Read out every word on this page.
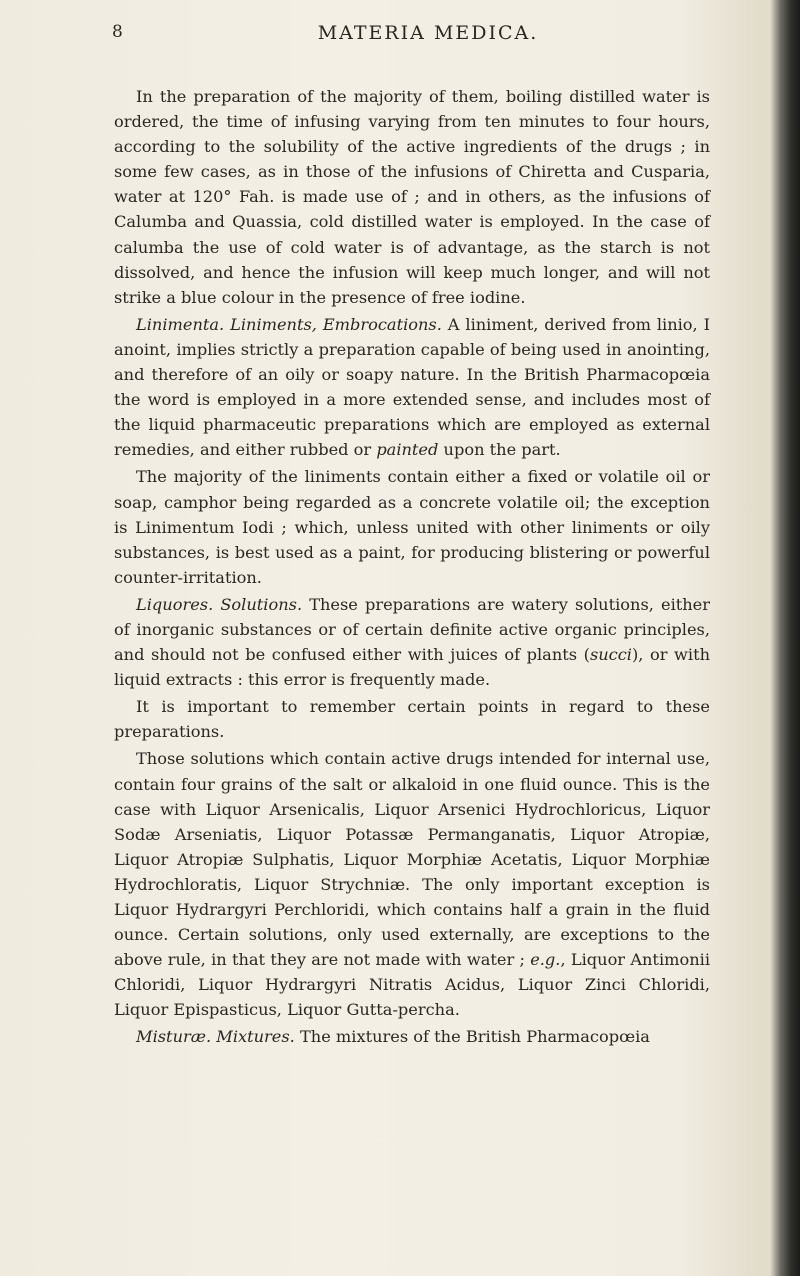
8	MATERIA MEDICA.

In the preparation of the majority of them, boiling distilled water is ordered, the time of infusing varying from ten minutes to four hours, according to the solubility of the active ingredients of the drugs ; in some few cases, as in those of the infusions of Chiretta and Cusparia, water at 120° Fah. is made use of ; and in others, as the infusions of Calumba and Quassia, cold distilled water is employed. In the case of calumba the use of cold water is of advantage, as the starch is not dissolved, and hence the infusion will keep much longer, and will not strike a blue colour in the presence of free iodine.

Linimenta. Liniments, Embrocations. A liniment, derived from linio, I anoint, implies strictly a preparation capable of being used in anointing, and therefore of an oily or soapy nature. In the British Pharmacopœia the word is employed in a more extended sense, and includes most of the liquid pharmaceutic preparations which are employed as external remedies, and either rubbed or painted upon the part.

The majority of the liniments contain either a fixed or volatile oil or soap, camphor being regarded as a concrete volatile oil; the exception is Linimentum Iodi ; which, unless united with other liniments or oily substances, is best used as a paint, for producing blistering or powerful counter-irritation.

Liquores. Solutions. These preparations are watery solutions, either of inorganic substances or of certain definite active organic principles, and should not be confused either with juices of plants (succi), or with liquid extracts : this error is frequently made.

It is important to remember certain points in regard to these preparations.

Those solutions which contain active drugs intended for internal use, contain four grains of the salt or alkaloid in one fluid ounce. This is the case with Liquor Arsenicalis, Liquor Arsenici Hydrochloricus, Liquor Sodæ Arseniatis, Liquor Potassæ Permanganatis, Liquor Atropiæ, Liquor Atropiæ Sulphatis, Liquor Morphiæ Acetatis, Liquor Morphiæ Hydrochloratis, Liquor Strychniæ. The only important exception is Liquor Hydrargyri Perchloridi, which contains half a grain in the fluid ounce. Certain solutions, only used externally, are exceptions to the above rule, in that they are not made with water ; e.g., Liquor Antimonii Chloridi, Liquor Hydrargyri Nitratis Acidus, Liquor Zinci Chloridi, Liquor Epispasticus, Liquor Gutta-percha.

Misturæ. Mixtures. The mixtures of the British Pharmacopœia
